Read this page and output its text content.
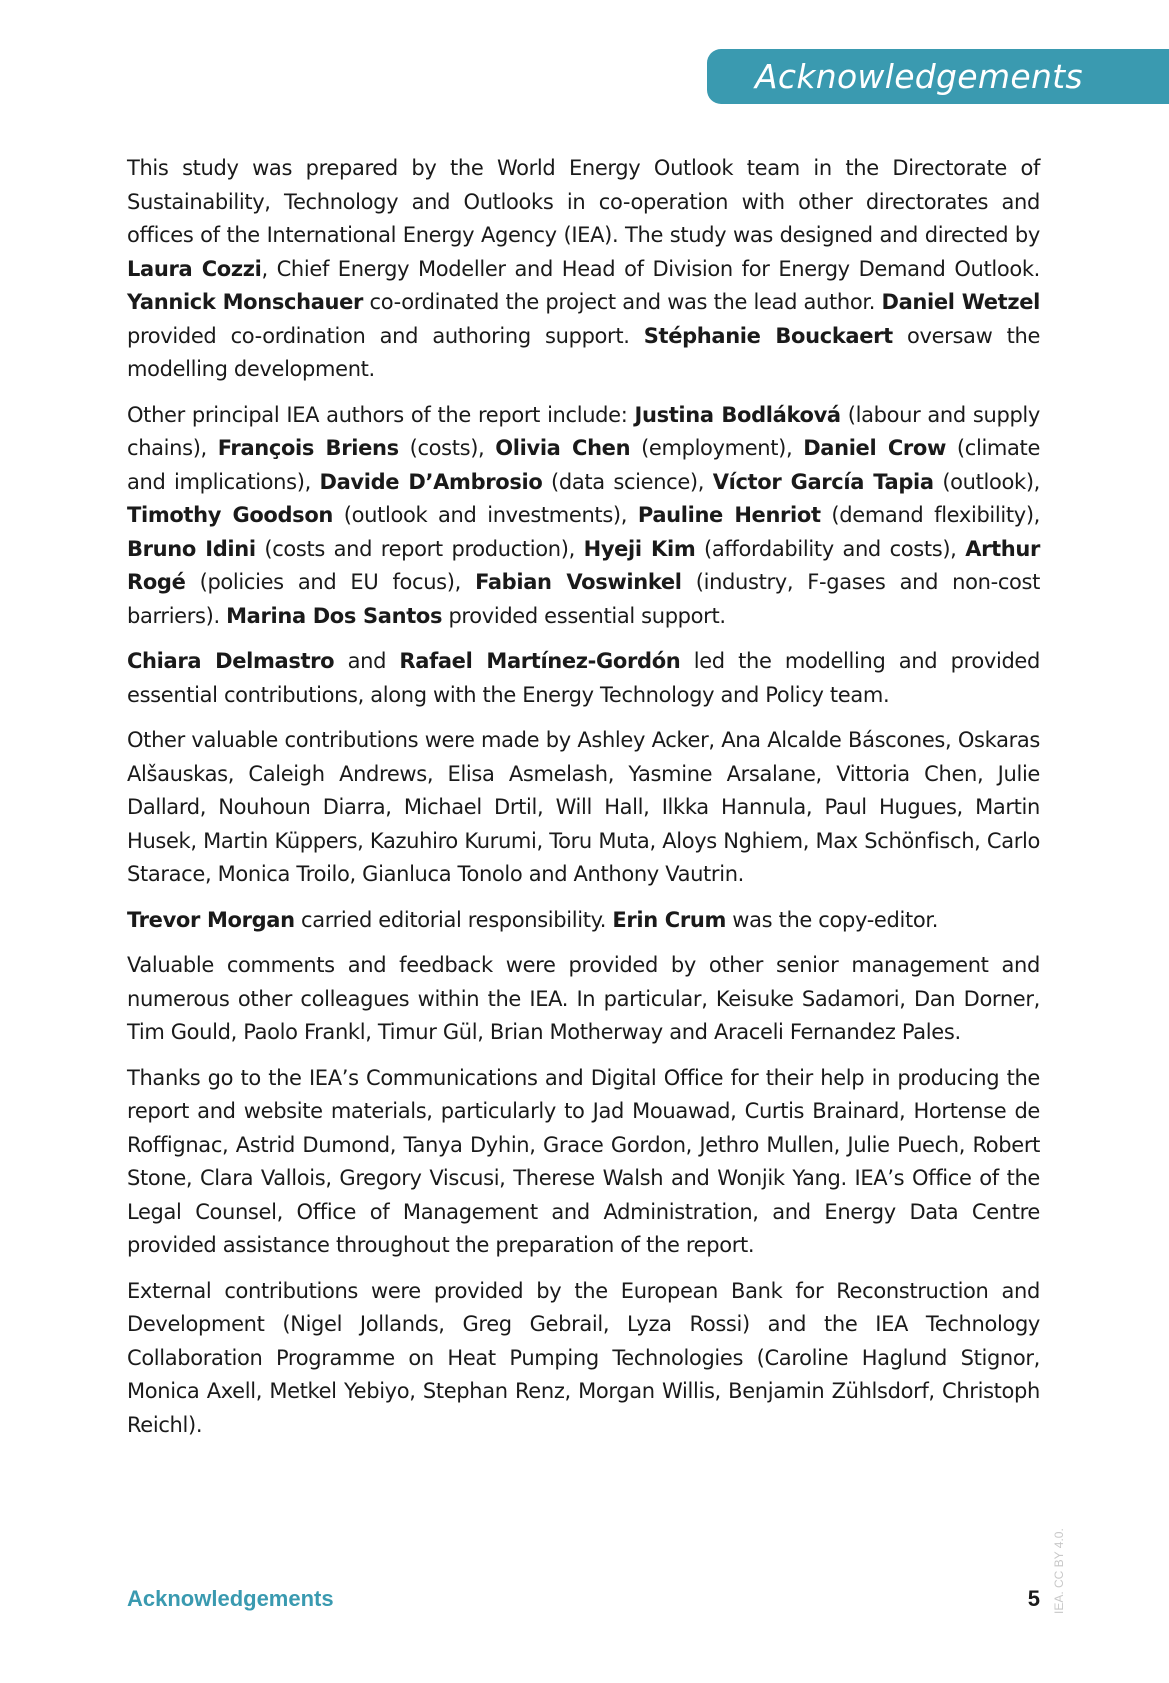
Acknowledgements

This study was prepared by the World Energy Outlook team in the Directorate of Sustainability, Technology and Outlooks in co-operation with other directorates and offices of the International Energy Agency (IEA). The study was designed and directed by Laura Cozzi, Chief Energy Modeller and Head of Division for Energy Demand Outlook. Yannick Monschauer co-ordinated the project and was the lead author. Daniel Wetzel provided co-ordination and authoring support. Stéphanie Bouckaert oversaw the modelling development.

Other principal IEA authors of the report include: Justina Bodláková (labour and supply chains), François Briens (costs), Olivia Chen (employment), Daniel Crow (climate and implications), Davide D’Ambrosio (data science), Víctor García Tapia (outlook), Timothy Goodson (outlook and investments), Pauline Henriot (demand flexibility), Bruno Idini (costs and report production), Hyeji Kim (affordability and costs), Arthur Rogé (policies and EU focus), Fabian Voswinkel (industry, F-gases and non-cost barriers). Marina Dos Santos provided essential support.

Chiara Delmastro and Rafael Martínez-Gordón led the modelling and provided essential contributions, along with the Energy Technology and Policy team.

Other valuable contributions were made by Ashley Acker, Ana Alcalde Báscones, Oskaras Alšauskas, Caleigh Andrews, Elisa Asmelash, Yasmine Arsalane, Vittoria Chen, Julie Dallard, Nouhoun Diarra, Michael Drtil, Will Hall, Ilkka Hannula, Paul Hugues, Martin Husek, Martin Küppers, Kazuhiro Kurumi, Toru Muta, Aloys Nghiem, Max Schönfisch, Carlo Starace, Monica Troilo, Gianluca Tonolo and Anthony Vautrin.

Trevor Morgan carried editorial responsibility. Erin Crum was the copy-editor.

Valuable comments and feedback were provided by other senior management and numerous other colleagues within the IEA. In particular, Keisuke Sadamori, Dan Dorner, Tim Gould, Paolo Frankl, Timur Gül, Brian Motherway and Araceli Fernandez Pales.

Thanks go to the IEA’s Communications and Digital Office for their help in producing the report and website materials, particularly to Jad Mouawad, Curtis Brainard, Hortense de Roffignac, Astrid Dumond, Tanya Dyhin, Grace Gordon, Jethro Mullen, Julie Puech, Robert Stone, Clara Vallois, Gregory Viscusi, Therese Walsh and Wonjik Yang. IEA’s Office of the Legal Counsel, Office of Management and Administration, and Energy Data Centre provided assistance throughout the preparation of the report.

External contributions were provided by the European Bank for Reconstruction and Development (Nigel Jollands, Greg Gebrail, Lyza Rossi) and the IEA Technology Collaboration Programme on Heat Pumping Technologies (Caroline Haglund Stignor, Monica Axell, Metkel Yebiyo, Stephan Renz, Morgan Willis, Benjamin Zühlsdorf, Christoph Reichl).

Acknowledgements	5 IEA. CC BY 4.0.
